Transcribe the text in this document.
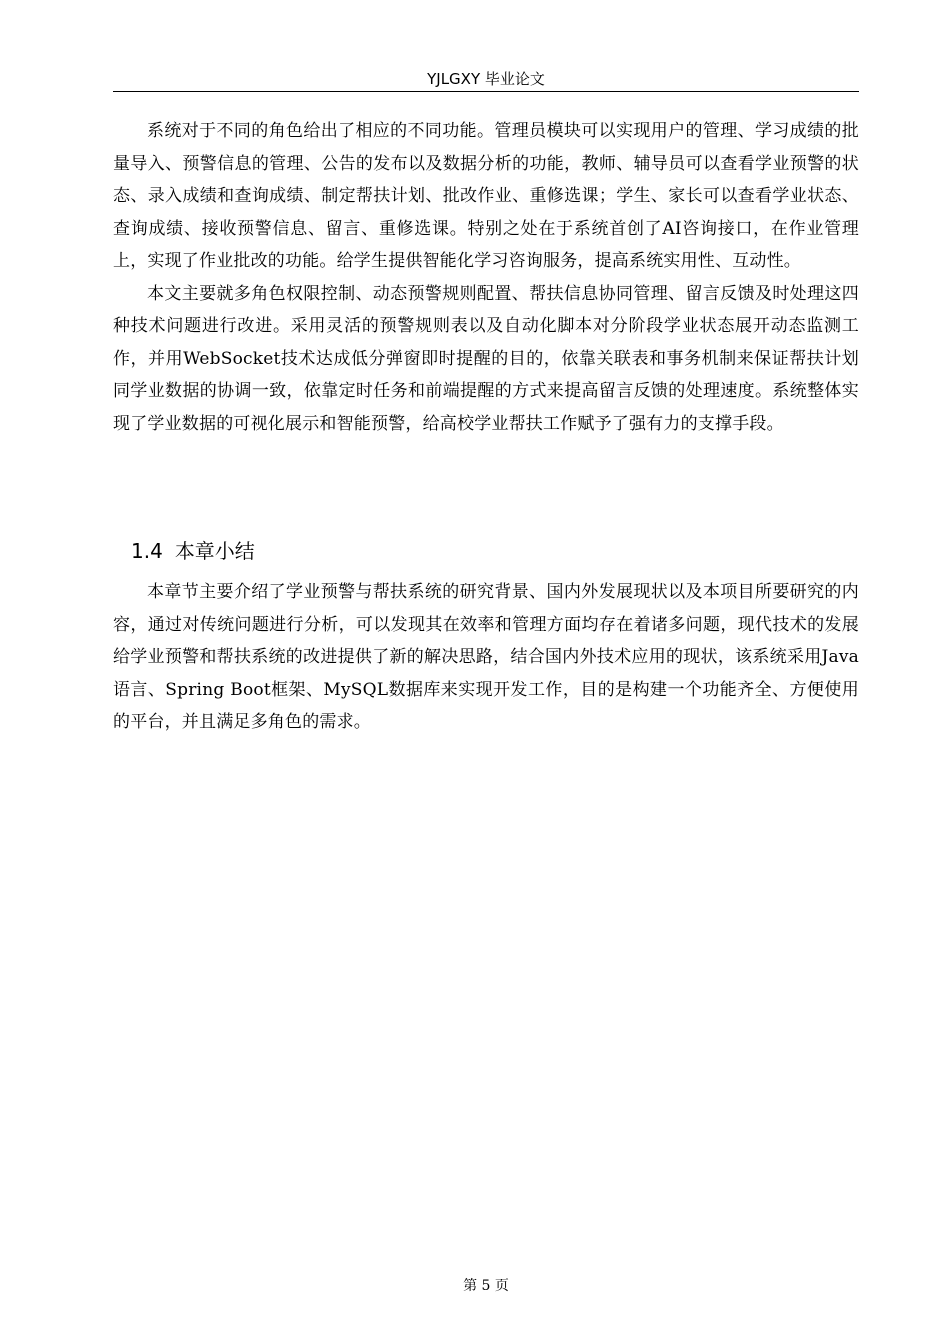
YJLGXY 毕业论文

系统对于不同的角色给出了相应的不同功能。管理员模块可以实现用户的管理、学习成绩的批量导入、预警信息的管理、公告的发布以及数据分析的功能，教师、辅导员可以查看学业预警的状态、录入成绩和查询成绩、制定帮扶计划、批改作业、重修选课；学生、家长可以查看学业状态、查询成绩、接收预警信息、留言、重修选课。特别之处在于系统首创了AI咨询接口，在作业管理上，实现了作业批改的功能。给学生提供智能化学习咨询服务，提高系统实用性、互动性。

本文主要就多角色权限控制、动态预警规则配置、帮扶信息协同管理、留言反馈及时处理这四种技术问题进行改进。采用灵活的预警规则表以及自动化脚本对分阶段学业状态展开动态监测工作，并用WebSocket技术达成低分弹窗即时提醒的目的，依靠关联表和事务机制来保证帮扶计划同学业数据的协调一致，依靠定时任务和前端提醒的方式来提高留言反馈的处理速度。系统整体实现了学业数据的可视化展示和智能预警，给高校学业帮扶工作赋予了强有力的支撑手段。

1.4 本章小结

本章节主要介绍了学业预警与帮扶系统的研究背景、国内外发展现状以及本项目所要研究的内容，通过对传统问题进行分析，可以发现其在效率和管理方面均存在着诸多问题，现代技术的发展给学业预警和帮扶系统的改进提供了新的解决思路，结合国内外技术应用的现状，该系统采用Java语言、Spring Boot框架、MySQL数据库来实现开发工作，目的是构建一个功能齐全、方便使用的平台，并且满足多角色的需求。

第 5 页
